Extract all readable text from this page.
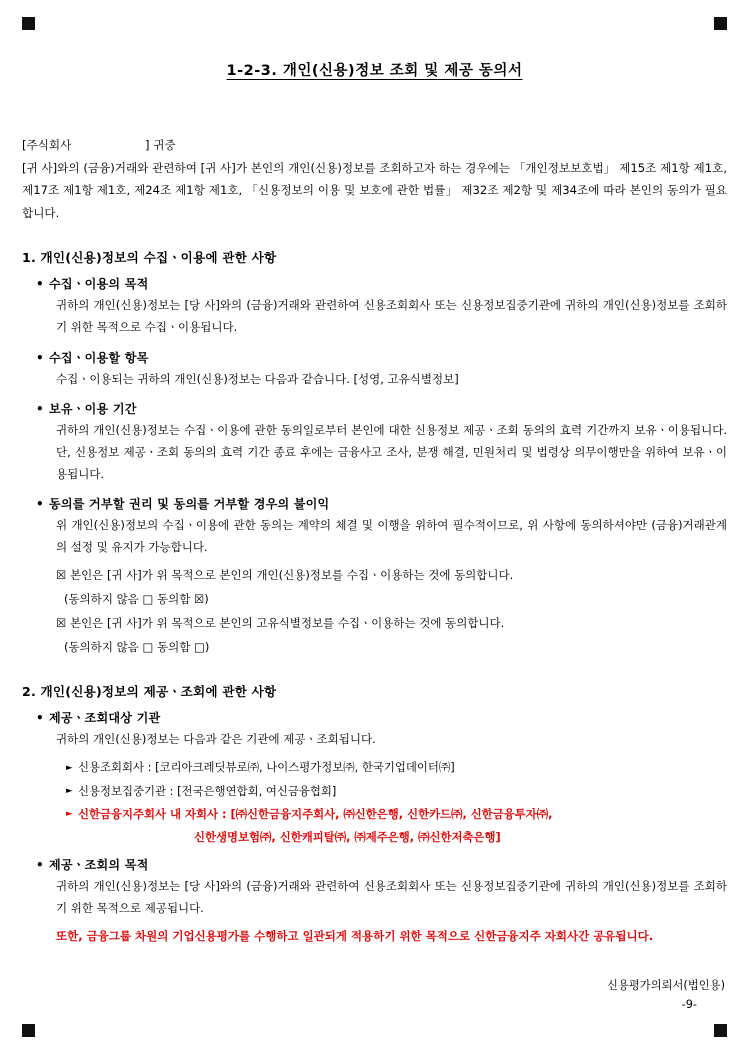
1-2-3. 개인(신용)정보 조회 및 제공 동의서
[주식회사                    ] 귀중
[귀 사]와의 (금융)거래와 관련하여 [귀 사]가 본인의 개인(신용)정보를 조회하고자 하는 경우에는 「개인정보보호법」 제15조 제1항 제1호, 제17조 제1항 제1호, 제24조 제1항 제1호, 「신용정보의 이용 및 보호에 관한 법률」 제32조 제2항 및 제34조에 따라 본인의 동의가 필요합니다.
1. 개인(신용)정보의 수집ㆍ이용에 관한 사항
• 수집ㆍ이용의 목적
귀하의 개인(신용)정보는 [당 사]와의 (금융)거래와 관련하여 신용조회회사 또는 신용정보집중기관에 귀하의 개인(신용)정보를 조회하기 위한 목적으로 수집ㆍ이용됩니다.
• 수집ㆍ이용할 항목
수집ㆍ이용되는 귀하의 개인(신용)정보는 다음과 같습니다. [성영, 고유식별정보]
• 보유ㆍ이용 기간
귀하의 개인(신용)정보는 수집ㆍ이용에 관한 동의일로부터 본인에 대한 신용정보 제공ㆍ조회 동의의 효력 기간까지 보유ㆍ이용됩니다. 단, 신용정보 제공ㆍ조회 동의의 효력 기간 종료 후에는 금융사고 조사, 분쟁 해결, 민원처리 및 법령상 의무이행만을 위하여 보유ㆍ이용됩니다.
• 동의를 거부할 권리 및 동의를 거부할 경우의 불이익
위 개인(신용)정보의 수집ㆍ이용에 관한 동의는 계약의 체결 및 이행을 위하여 필수적이므로, 위 사항에 동의하셔야만 (금융)거래관계의 설정 및 유지가 가능합니다.
☒ 본인은 [귀 사]가 위 목적으로 본인의 개인(신용)정보를 수집ㆍ이용하는 것에 동의합니다.
(동의하지 않음 □ 동의함 ☒)
☒ 본인은 [귀 사]가 위 목적으로 본인의 고유식별정보를 수집ㆍ이용하는 것에 동의합니다.
(동의하지 않음 □ 동의함 □)
2. 개인(신용)정보의 제공ㆍ조회에 관한 사항
• 제공ㆍ조회대상 기관
귀하의 개인(신용)정보는 다음과 같은 기관에 제공ㆍ조회됩니다.
► 신용조회회사 : [코리아크레딧뷰로㈜, 나이스평가정보㈜, 한국기업데이터㈜]
► 신용정보집중기관 : [전국은행연합회, 여신금융협회]
► 신한금융지주회사 내 자회사 : [㈜신한금융지주회사, ㈜신한은행, 신한카드㈜, 신한금융투자㈜,
신한생명보험㈜, 신한캐피탈㈜, ㈜제주은행, ㈜신한저축은행]
• 제공ㆍ조회의 목적
귀하의 개인(신용)정보는 [당 사]와의 (금융)거래와 관련하여 신용조회회사 또는 신용정보집중기관에 귀하의 개인(신용)정보를 조회하기 위한 목적으로 제공됩니다.
또한, 금융그룹 차원의 기업신용평가를 수행하고 일관되게 적용하기 위한 목적으로 신한금융지주 자회사간 공유됩니다.
신용평가의뢰서(법인용)
-9-
